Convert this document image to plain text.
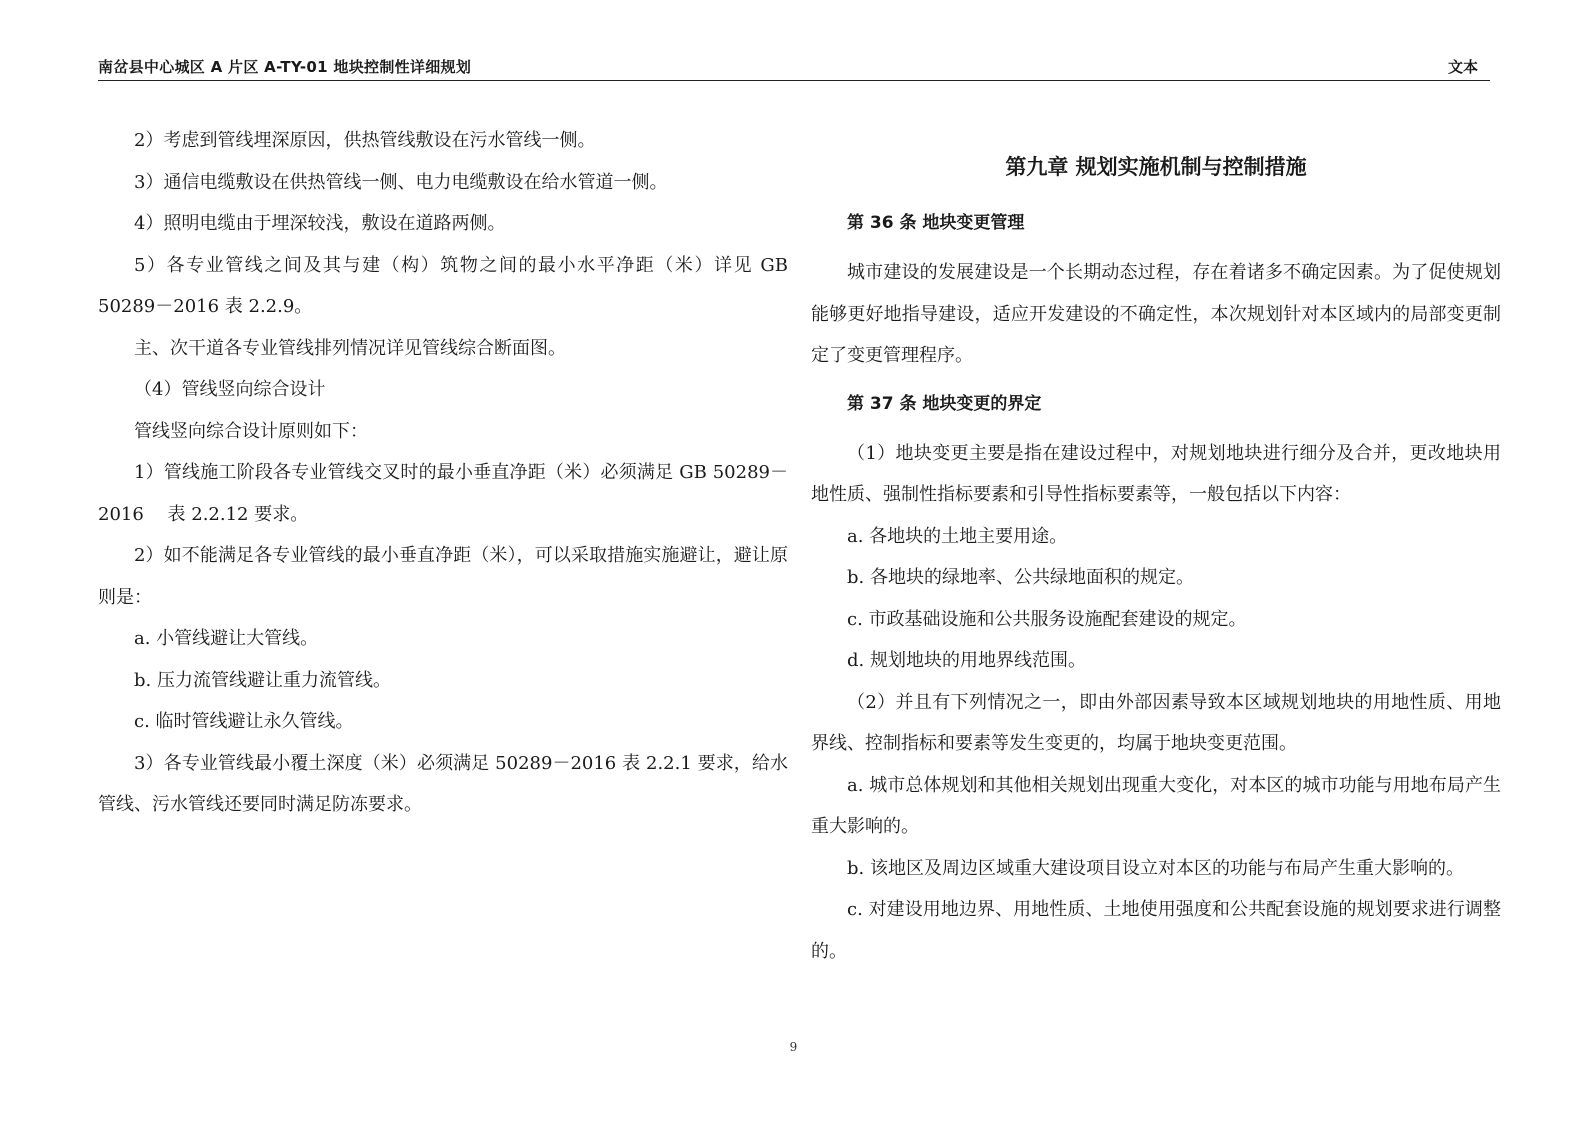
南岔县中心城区 A 片区 A-TY-01 地块控制性详细规划	文本

2）考虑到管线埋深原因，供热管线敷设在污水管线一侧。

3）通信电缆敷设在供热管线一侧、电力电缆敷设在给水管道一侧。

4）照明电缆由于埋深较浅，敷设在道路两侧。

5）各专业管线之间及其与建（构）筑物之间的最小水平净距（米）详见 GB 50289－2016 表 2.2.9。

主、次干道各专业管线排列情况详见管线综合断面图。

（4）管线竖向综合设计

管线竖向综合设计原则如下：

1）管线施工阶段各专业管线交叉时的最小垂直净距（米）必须满足 GB 50289－2016　 表 2.2.12 要求。

2）如不能满足各专业管线的最小垂直净距（米），可以采取措施实施避让，避让原则是：

a. 小管线避让大管线。

b. 压力流管线避让重力流管线。

c. 临时管线避让永久管线。

3）各专业管线最小覆土深度（米）必须满足 50289－2016 表 2.2.1 要求，给水管线、污水管线还要同时满足防冻要求。

第九章 规划实施机制与控制措施
第 36 条 地块变更管理

城市建设的发展建设是一个长期动态过程，存在着诸多不确定因素。为了促使规划能够更好地指导建设，适应开发建设的不确定性，本次规划针对本区域内的局部变更制定了变更管理程序。

第 37 条 地块变更的界定

（1）地块变更主要是指在建设过程中，对规划地块进行细分及合并，更改地块用地性质、强制性指标要素和引导性指标要素等，一般包括以下内容：

a. 各地块的土地主要用途。

b. 各地块的绿地率、公共绿地面积的规定。

c. 市政基础设施和公共服务设施配套建设的规定。

d. 规划地块的用地界线范围。

（2）并且有下列情况之一，即由外部因素导致本区域规划地块的用地性质、用地界线、控制指标和要素等发生变更的，均属于地块变更范围。

a. 城市总体规划和其他相关规划出现重大变化，对本区的城市功能与用地布局产生重大影响的。

b. 该地区及周边区域重大建设项目设立对本区的功能与布局产生重大影响的。

c. 对建设用地边界、用地性质、土地使用强度和公共配套设施的规划要求进行调整的。

9
